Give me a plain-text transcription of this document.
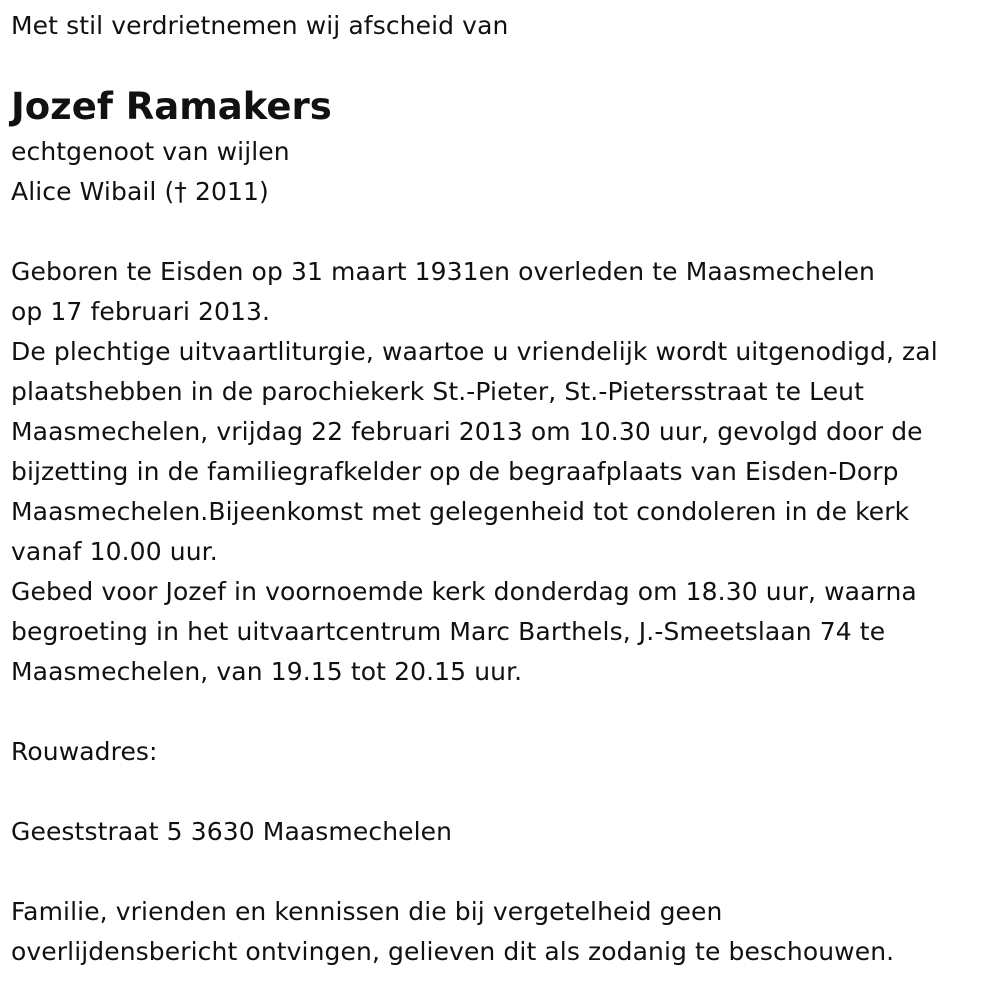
Met stil verdrietnemen wij afscheid van
Jozef Ramakers
echtgenoot van wijlen
Alice Wibail († 2011)
Geboren te Eisden op 31 maart 1931en overleden te Maasmechelen
op 17 februari 2013.
De plechtige uitvaartliturgie, waartoe u vriendelijk wordt uitgenodigd, zal
plaatshebben in de parochiekerk St.-Pieter, St.-Pietersstraat te Leut
Maasmechelen, vrijdag 22 februari 2013 om 10.30 uur, gevolgd door de
bijzetting in de familiegrafkelder op de begraafplaats van Eisden-Dorp
Maasmechelen.Bijeenkomst met gelegenheid tot condoleren in de kerk
vanaf 10.00 uur.
Gebed voor Jozef in voornoemde kerk donderdag om 18.30 uur, waarna
begroeting in het uitvaartcentrum Marc Barthels, J.-Smeetslaan 74 te
Maasmechelen, van 19.15 tot 20.15 uur.
Rouwadres:
Geeststraat 5 3630 Maasmechelen
Familie, vrienden en kennissen die bij vergetelheid geen
overlijdensbericht ontvingen, gelieven dit als zodanig te beschouwen.
